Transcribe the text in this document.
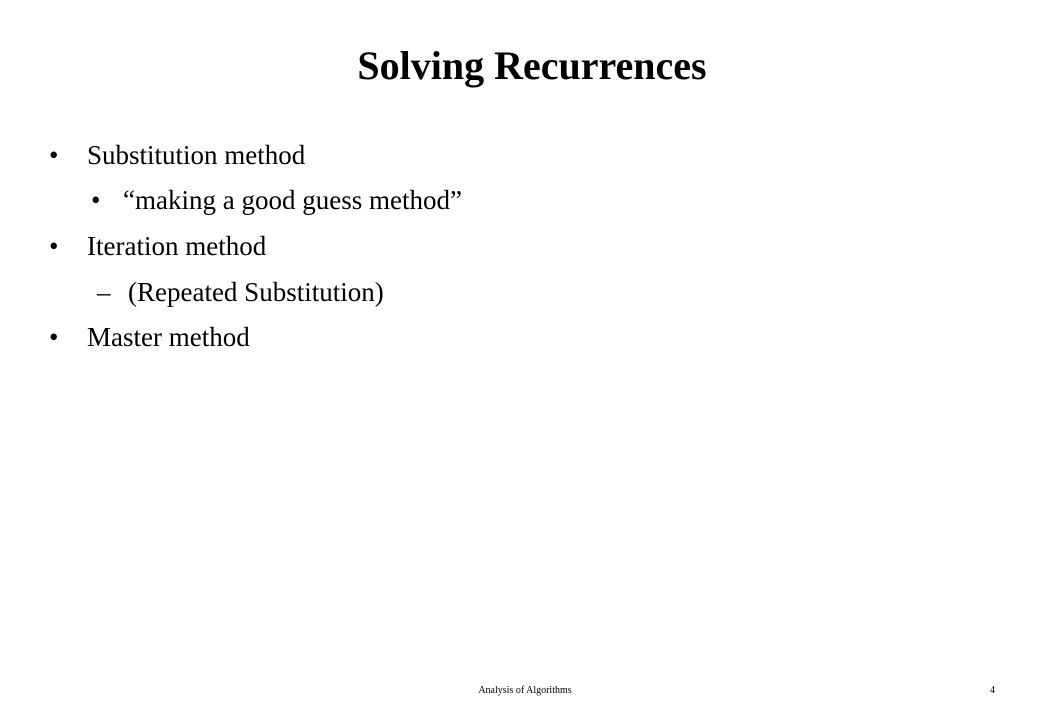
Solving Recurrences
• Substitution method
• “making a good guess method”
• Iteration method
– (Repeated Substitution)
• Master method
Analysis of Algorithms	4
